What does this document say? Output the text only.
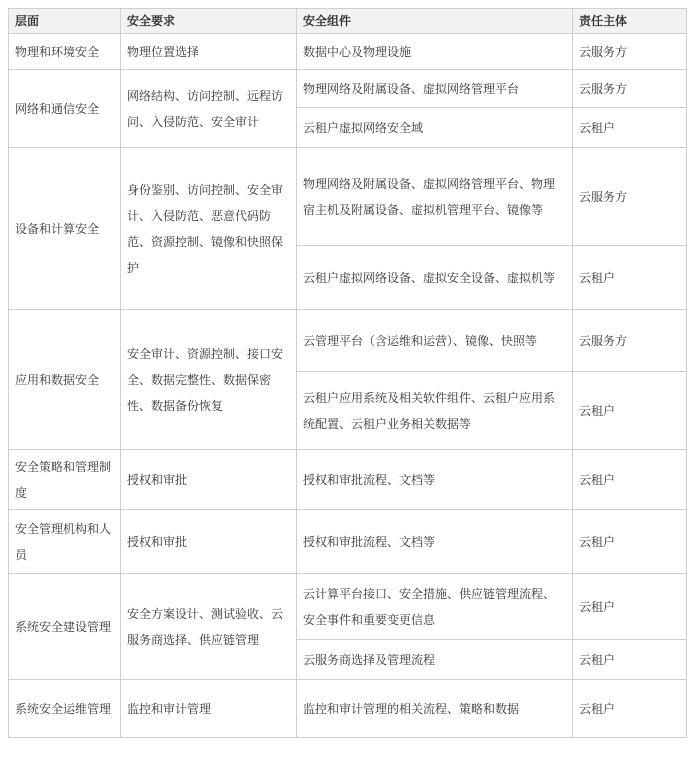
层面	安全要求	安全组件	责任主体
物理和环境安全	物理位置选择	数据中心及物理设施	云服务方
网络和通信安全	网络结构、访问控制、远程访问、入侵防范、安全审计	物理网络及附属设备、虚拟网络管理平台	云服务方
		云租户虚拟网络安全域	云租户
设备和计算安全	身份鉴别、访问控制、安全审计、入侵防范、恶意代码防范、资源控制、镜像和快照保护	物理网络及附属设备、虚拟网络管理平台、物理宿主机及附属设备、虚拟机管理平台、镜像等	云服务方
		云租户虚拟网络设备、虚拟安全设备、虚拟机等	云租户
应用和数据安全	安全审计、资源控制、接口安全、数据完整性、数据保密性、数据备份恢复	云管理平台（含运维和运营）、镜像、快照等	云服务方
		云租户应用系统及相关软件组件、云租户应用系统配置、云租户业务相关数据等	云租户
安全策略和管理制度	授权和审批	授权和审批流程、文档等	云租户
安全管理机构和人员	授权和审批	授权和审批流程、文档等	云租户
系统安全建设管理	安全方案设计、测试验收、云服务商选择、供应链管理	云计算平台接口、安全措施、供应链管理流程、安全事件和重要变更信息	云租户
		云服务商选择及管理流程	云租户
系统安全运维管理	监控和审计管理	监控和审计管理的相关流程、策略和数据	云租户
